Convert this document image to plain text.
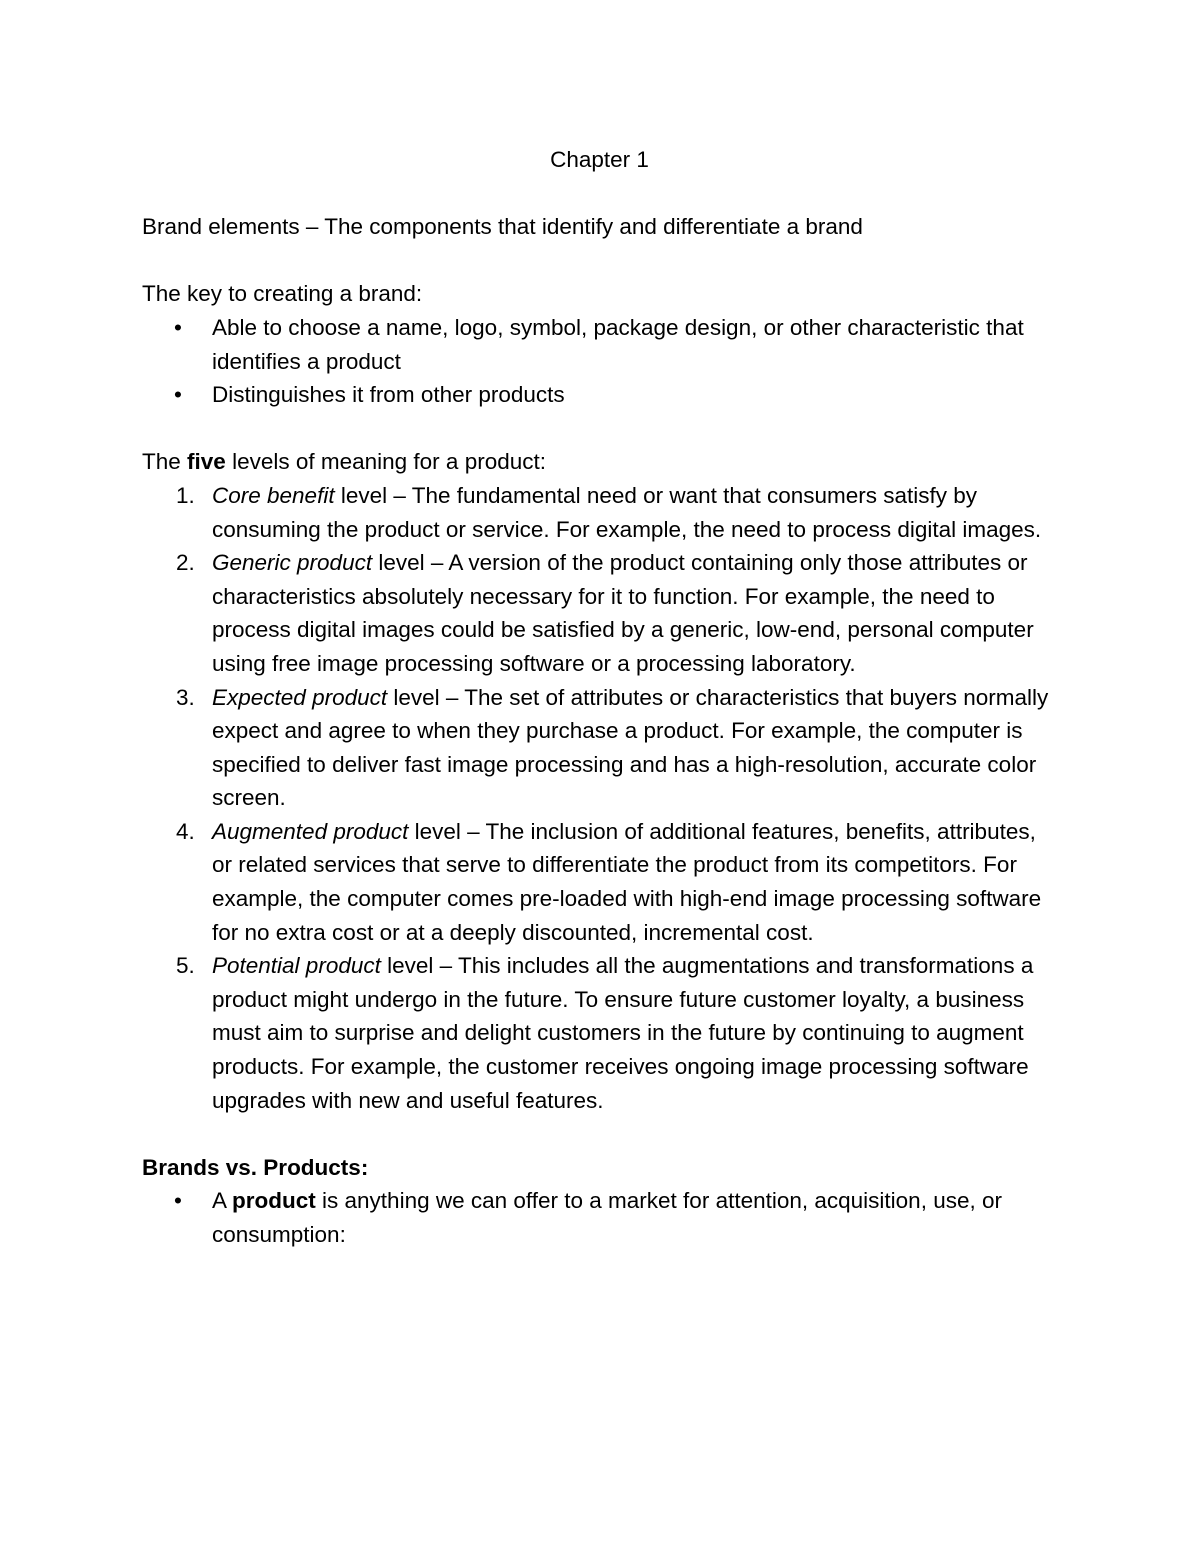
Chapter 1

Brand elements – The components that identify and differentiate a brand

The key to creating a brand:

• Able to choose a name, logo, symbol, package design, or other characteristic that identifies a product
• Distinguishes it from other products

The five levels of meaning for a product:

1. Core benefit level – The fundamental need or want that consumers satisfy by consuming the product or service. For example, the need to process digital images.
2. Generic product level – A version of the product containing only those attributes or characteristics absolutely necessary for it to function. For example, the need to process digital images could be satisfied by a generic, low-end, personal computer using free image processing software or a processing laboratory.
3. Expected product level – The set of attributes or characteristics that buyers normally expect and agree to when they purchase a product. For example, the computer is specified to deliver fast image processing and has a high-resolution, accurate color screen.
4. Augmented product level – The inclusion of additional features, benefits, attributes, or related services that serve to differentiate the product from its competitors. For example, the computer comes pre-loaded with high-end image processing software for no extra cost or at a deeply discounted, incremental cost.
5. Potential product level – This includes all the augmentations and transformations a product might undergo in the future. To ensure future customer loyalty, a business must aim to surprise and delight customers in the future by continuing to augment products. For example, the customer receives ongoing image processing software upgrades with new and useful features.

Brands vs. Products:

• A product is anything we can offer to a market for attention, acquisition, use, or consumption:
